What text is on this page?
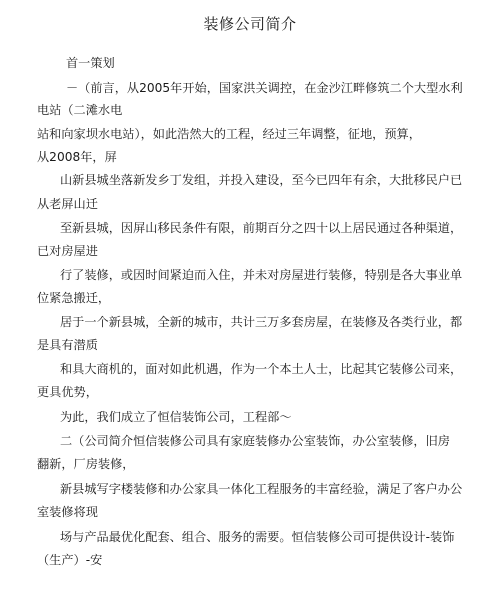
装修公司简介
首一策划
－（前言，从2005年开始，国家洪关调控，在金沙江畔修筑二个大型水利
电站（二滩水电
站和向家坝水电站），如此浩然大的工程，经过三年调整，征地，预算，
从2008年，屏
山新县城坐落新发乡丁发组，并投入建设，至今已四年有余，大批移民户已
从老屏山迁
至新县城，因屏山移民条件有限，前期百分之四十以上居民通过各种渠道，
已对房屋进
行了装修，或因时间紧迫而入住，并未对房屋进行装修，特别是各大事业单
位紧急搬迁，
居于一个新县城，全新的城市，共计三万多套房屋，在装修及各类行业，都
是具有潜质
和具大商机的，面对如此机遇，作为一个本土人士，比起其它装修公司来，
更具优势，
为此，我们成立了恒信装饰公司，工程部～
二（公司简介恒信装修公司具有家庭装修办公室装饰，办公室装修，旧房
翻新，厂房装修，
新县城写字楼装修和办公家具一体化工程服务的丰富经验，满足了客户办公
室装修将现
场与产品最优化配套、组合、服务的需要。恒信装修公司可提供设计-装饰
（生产）-安
